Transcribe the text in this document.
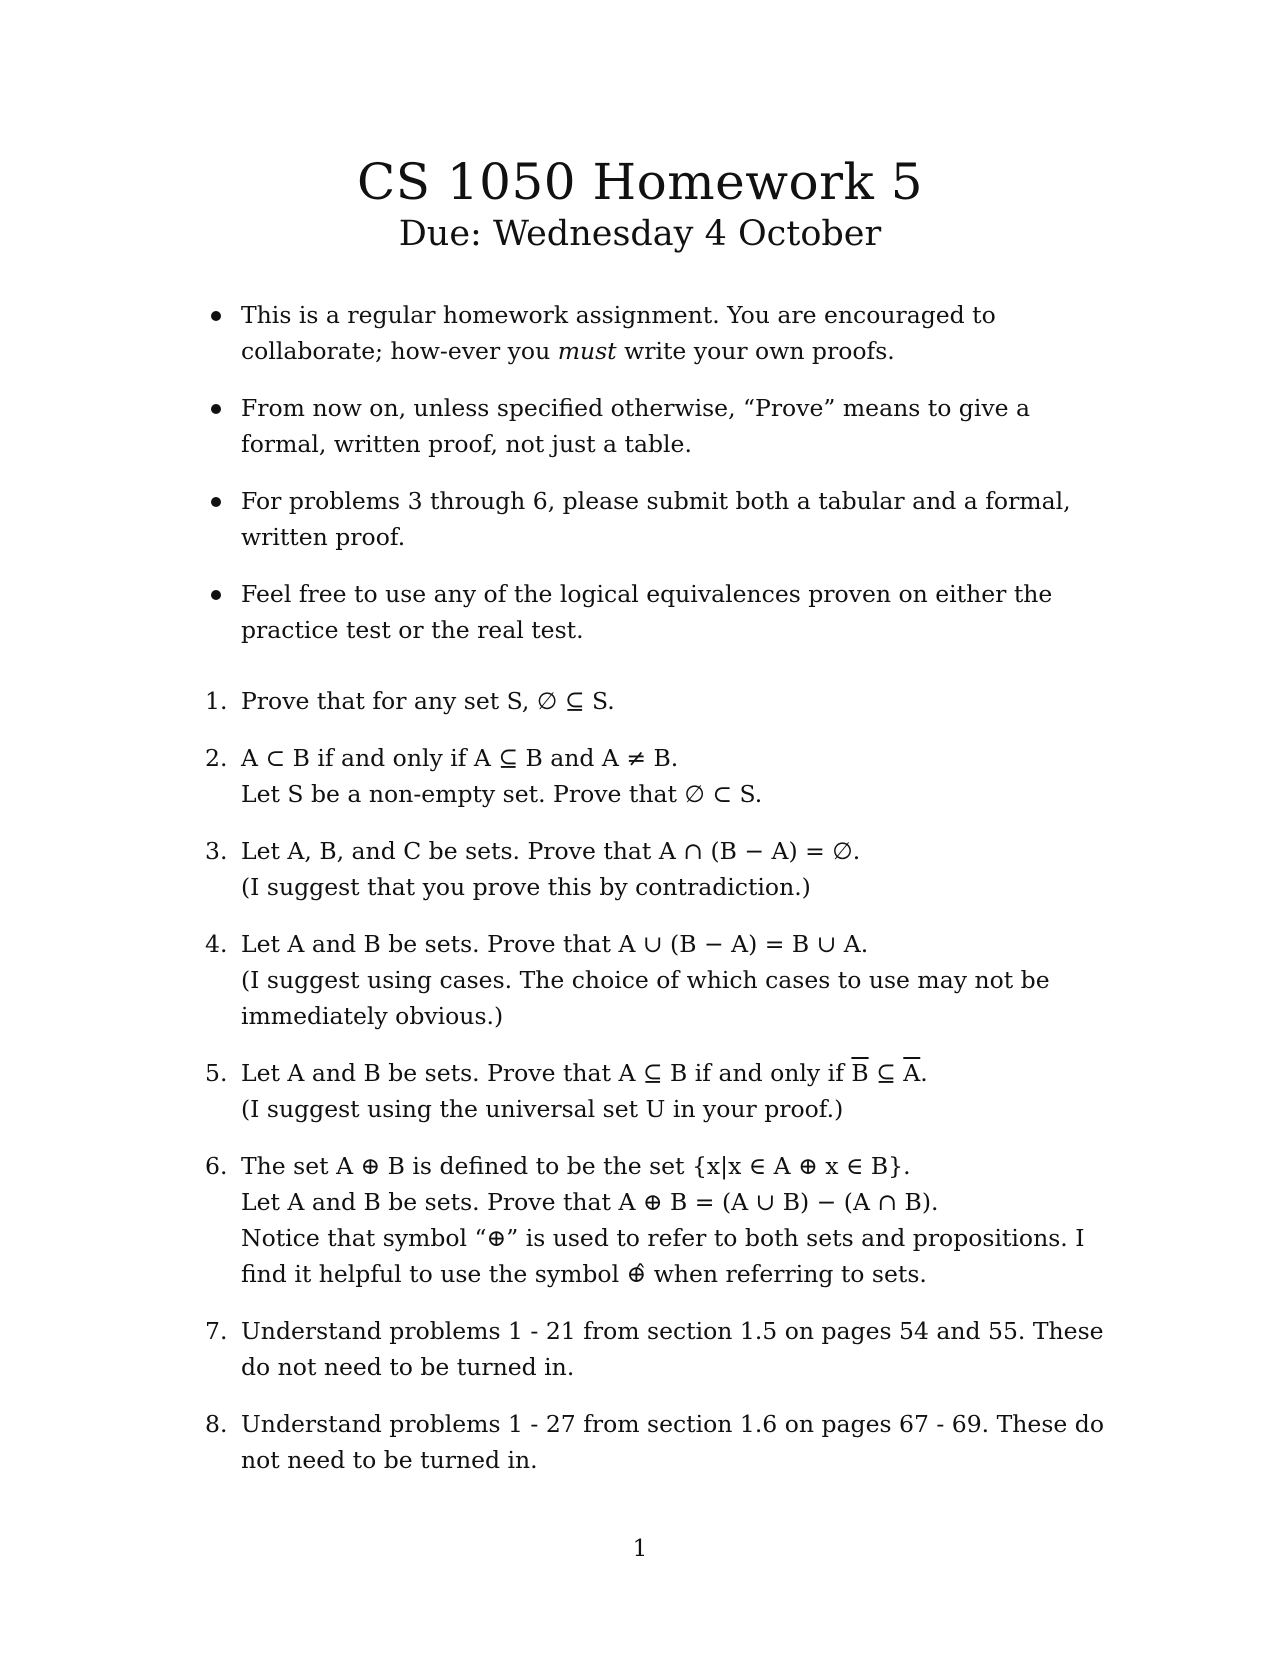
CS 1050 Homework 5
Due: Wednesday 4 October
This is a regular homework assignment. You are encouraged to collaborate; how-ever you must write your own proofs.
From now on, unless specified otherwise, “Prove” means to give a formal, written proof, not just a table.
For problems 3 through 6, please submit both a tabular and a formal, written proof.
Feel free to use any of the logical equivalences proven on either the practice test or the real test.
1. Prove that for any set S, ∅ ⊆ S.
2. A ⊂ B if and only if A ⊆ B and A ≠ B.
Let S be a non-empty set. Prove that ∅ ⊂ S.
3. Let A, B, and C be sets. Prove that A ∩ (B − A) = ∅.
(I suggest that you prove this by contradiction.)
4. Let A and B be sets. Prove that A ∪ (B − A) = B ∪ A.
(I suggest using cases. The choice of which cases to use may not be immediately obvious.)
5. Let A and B be sets. Prove that A ⊆ B if and only if $\overline{B}$ ⊆ $\overline{A}$.
(I suggest using the universal set U in your proof.)
6. The set A ⊕ B is defined to be the set {x|x ∈ A ⊕ x ∈ B}.
Let A and B be sets. Prove that A ⊕ B = (A ∪ B) − (A ∩ B).
Notice that symbol “⊕” is used to refer to both sets and propositions. I find it helpful to use the symbol ⊕̂ when referring to sets.
7. Understand problems 1 - 21 from section 1.5 on pages 54 and 55. These do not need to be turned in.
8. Understand problems 1 - 27 from section 1.6 on pages 67 - 69. These do not need to be turned in.
1
